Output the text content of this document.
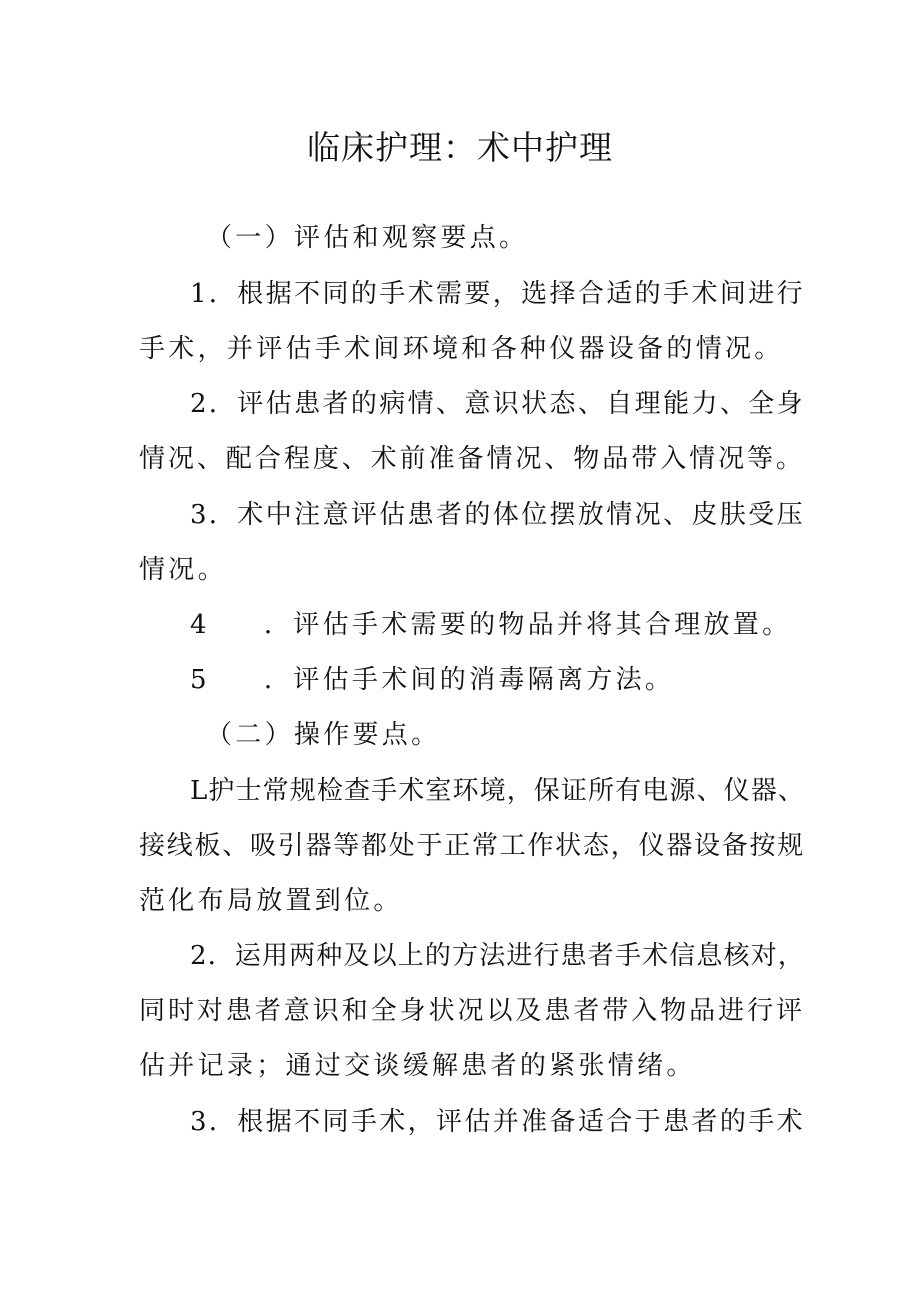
临床护理：术中护理

（一）评估和观察要点。

1．根据不同的手术需要，选择合适的手术间进行

手术，并评估手术间环境和各种仪器设备的情况。

2．评估患者的病情、意识状态、自理能力、全身

情况、配合程度、术前准备情况、物品带入情况等。

3．术中注意评估患者的体位摆放情况、皮肤受压

情况。

4 ．评估手术需要的物品并将其合理放置。

5 ．评估手术间的消毒隔离方法。

（二）操作要点。

L护士常规检查手术室环境，保证所有电源、仪器、

接线板、吸引器等都处于正常工作状态，仪器设备按规

范化布局放置到位。

2．运用两种及以上的方法进行患者手术信息核对，

同时对患者意识和全身状况以及患者带入物品进行评

估并记录；通过交谈缓解患者的紧张情绪。

3．根据不同手术，评估并准备适合于患者的手术
